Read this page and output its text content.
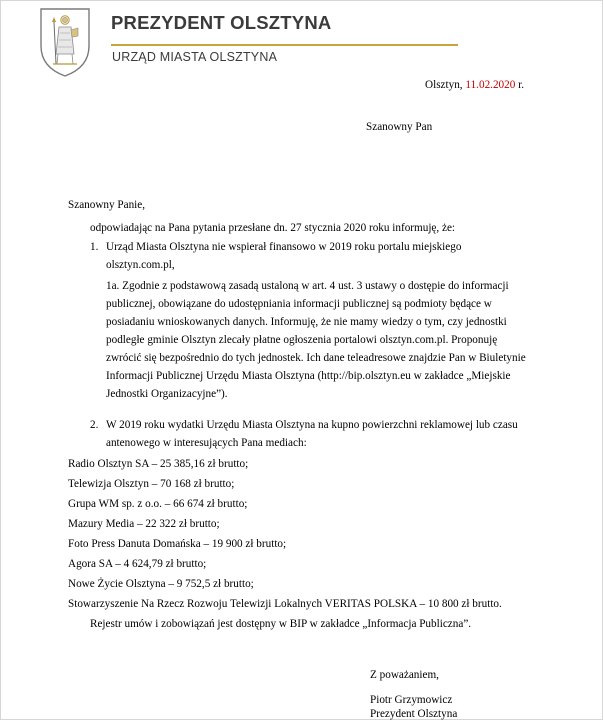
PREZYDENT OLSZTYNA
URZĄD MIASTA OLSZTYNA
Olsztyn, 11.02.2020 r.
Szanowny Pan
Szanowny Panie,
odpowiadając na Pana pytania przesłane dn. 27 stycznia 2020 roku informuję, że:
1. Urząd Miasta Olsztyna nie wspierał finansowo w 2019 roku portalu miejskiego
olsztyn.com.pl,
1a. Zgodnie z podstawową zasadą ustaloną w art. 4 ust. 3 ustawy o dostępie do informacji
publicznej, obowiązane do udostępniania informacji publicznej są podmioty będące w
posiadaniu wnioskowanych danych. Informuję, że nie mamy wiedzy o tym, czy jednostki
podległe gminie Olsztyn zlecały płatne ogłoszenia portalowi olsztyn.com.pl. Proponuję
zwrócić się bezpośrednio do tych jednostek. Ich dane teleadresowe znajdzie Pan w Biuletynie
Informacji Publicznej Urzędu Miasta Olsztyna (http://bip.olsztyn.eu w zakładce „Miejskie
Jednostki Organizacyjne”).
2. W 2019 roku wydatki Urzędu Miasta Olsztyna na kupno powierzchni reklamowej lub czasu
antenowego w interesujących Pana mediach:
Radio Olsztyn SA – 25 385,16 zł brutto;
Telewizja Olsztyn – 70 168 zł brutto;
Grupa WM sp. z o.o. – 66 674 zł brutto;
Mazury Media – 22 322 zł brutto;
Foto Press Danuta Domańska – 19 900 zł brutto;
Agora SA – 4 624,79 zł brutto;
Nowe Życie Olsztyna – 9 752,5 zł brutto;
Stowarzyszenie Na Rzecz Rozwoju Telewizji Lokalnych VERITAS POLSKA – 10 800 zł brutto.
Rejestr umów i zobowiązań jest dostępny w BIP w zakładce „Informacja Publiczna”.
Z poważaniem,
Piotr Grzymowicz
Prezydent Olsztyna
